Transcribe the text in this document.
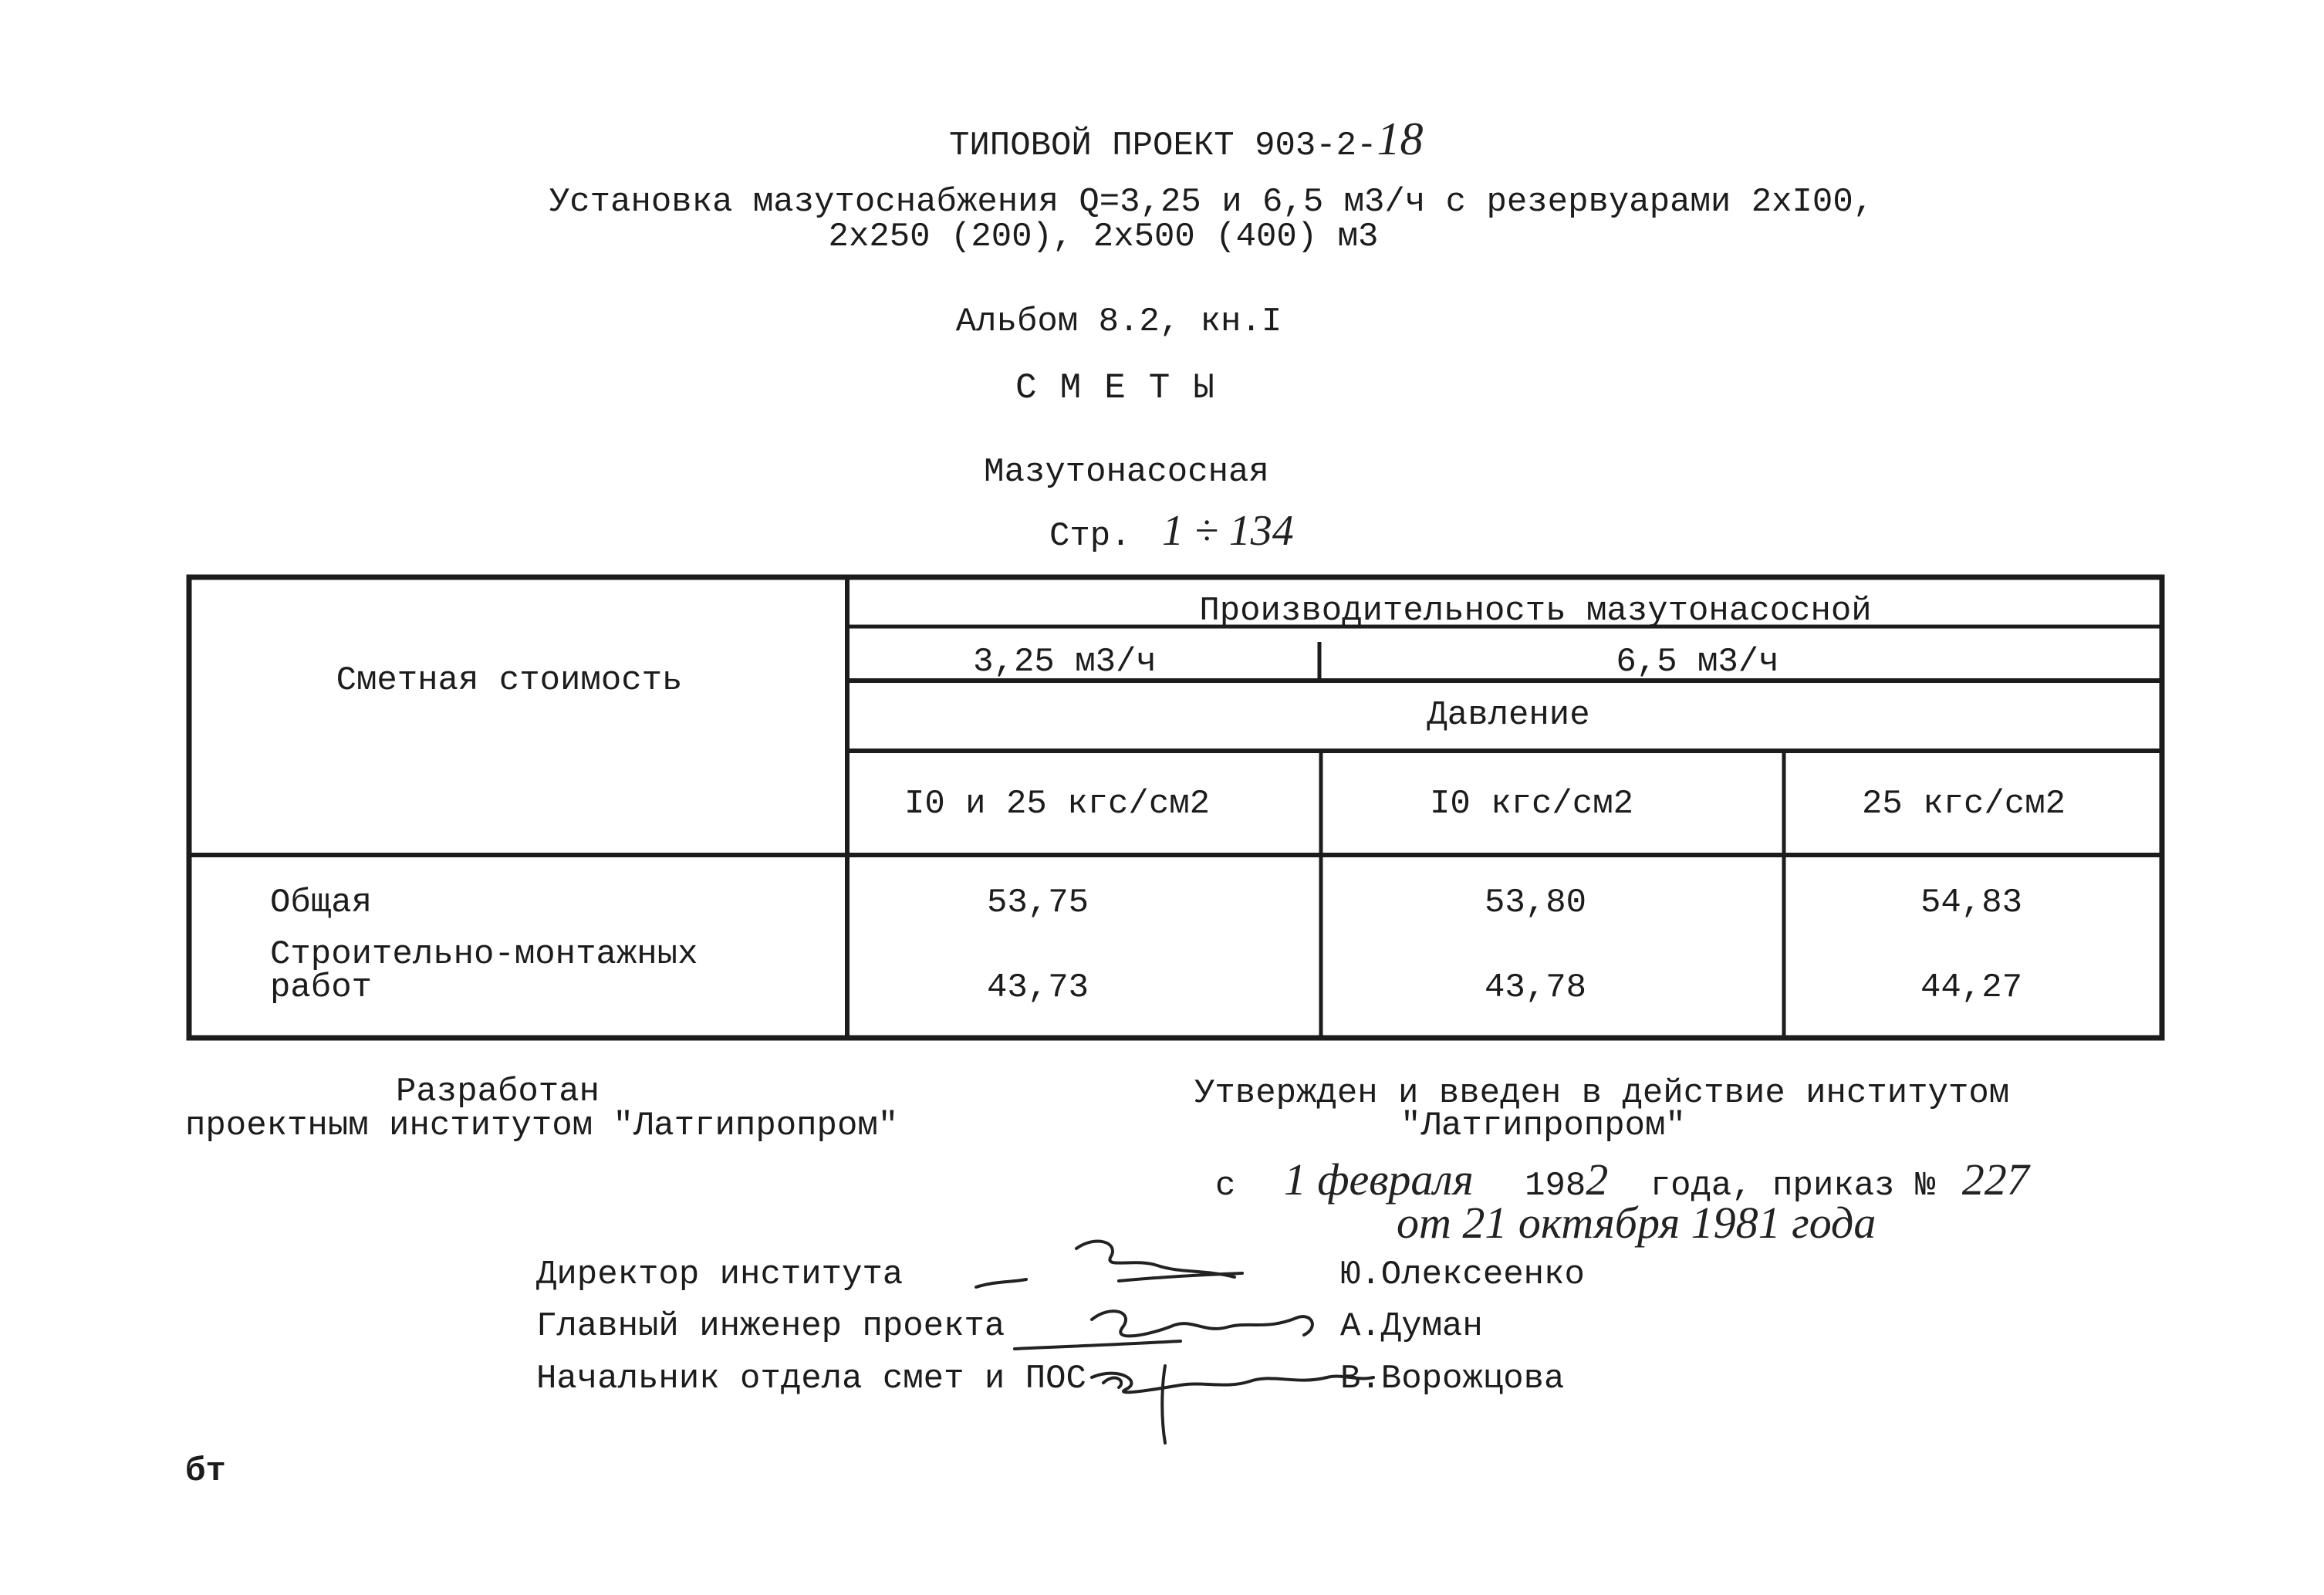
ТИПОВОЙ ПРОЕКТ 903-2-18
Установка мазутоснабжения Q=3,25 и 6,5 м3/ч с резервуарами 2хI00,
2х250 (200), 2х500 (400) м3
Альбом 8.2, кн.I
СМЕТЫ
Мазутонасосная
Стр. 1 ÷ 134
Сметная стоимость
Производительность мазутонасосной
3,25 м3/ч	6,5 м3/ч
Давление
I0 и 25 кгс/см2	I0 кгс/см2	25 кгс/см2
Общая	53,75	53,80	54,83
Строительно-монтажных
работ	43,73	43,78	44,27
Разработан
проектным институтом "Латгипропром"
Утвержден и введен в действие институтом
"Латгипропром"
с 1 февраля 1982 года, приказ № 227
от 21 октября 1981 года
Директор института	Ю.Олексеенко
Главный инженер проекта	А.Думан
Начальник отдела смет и ПОС	В.Ворожцова
бт
